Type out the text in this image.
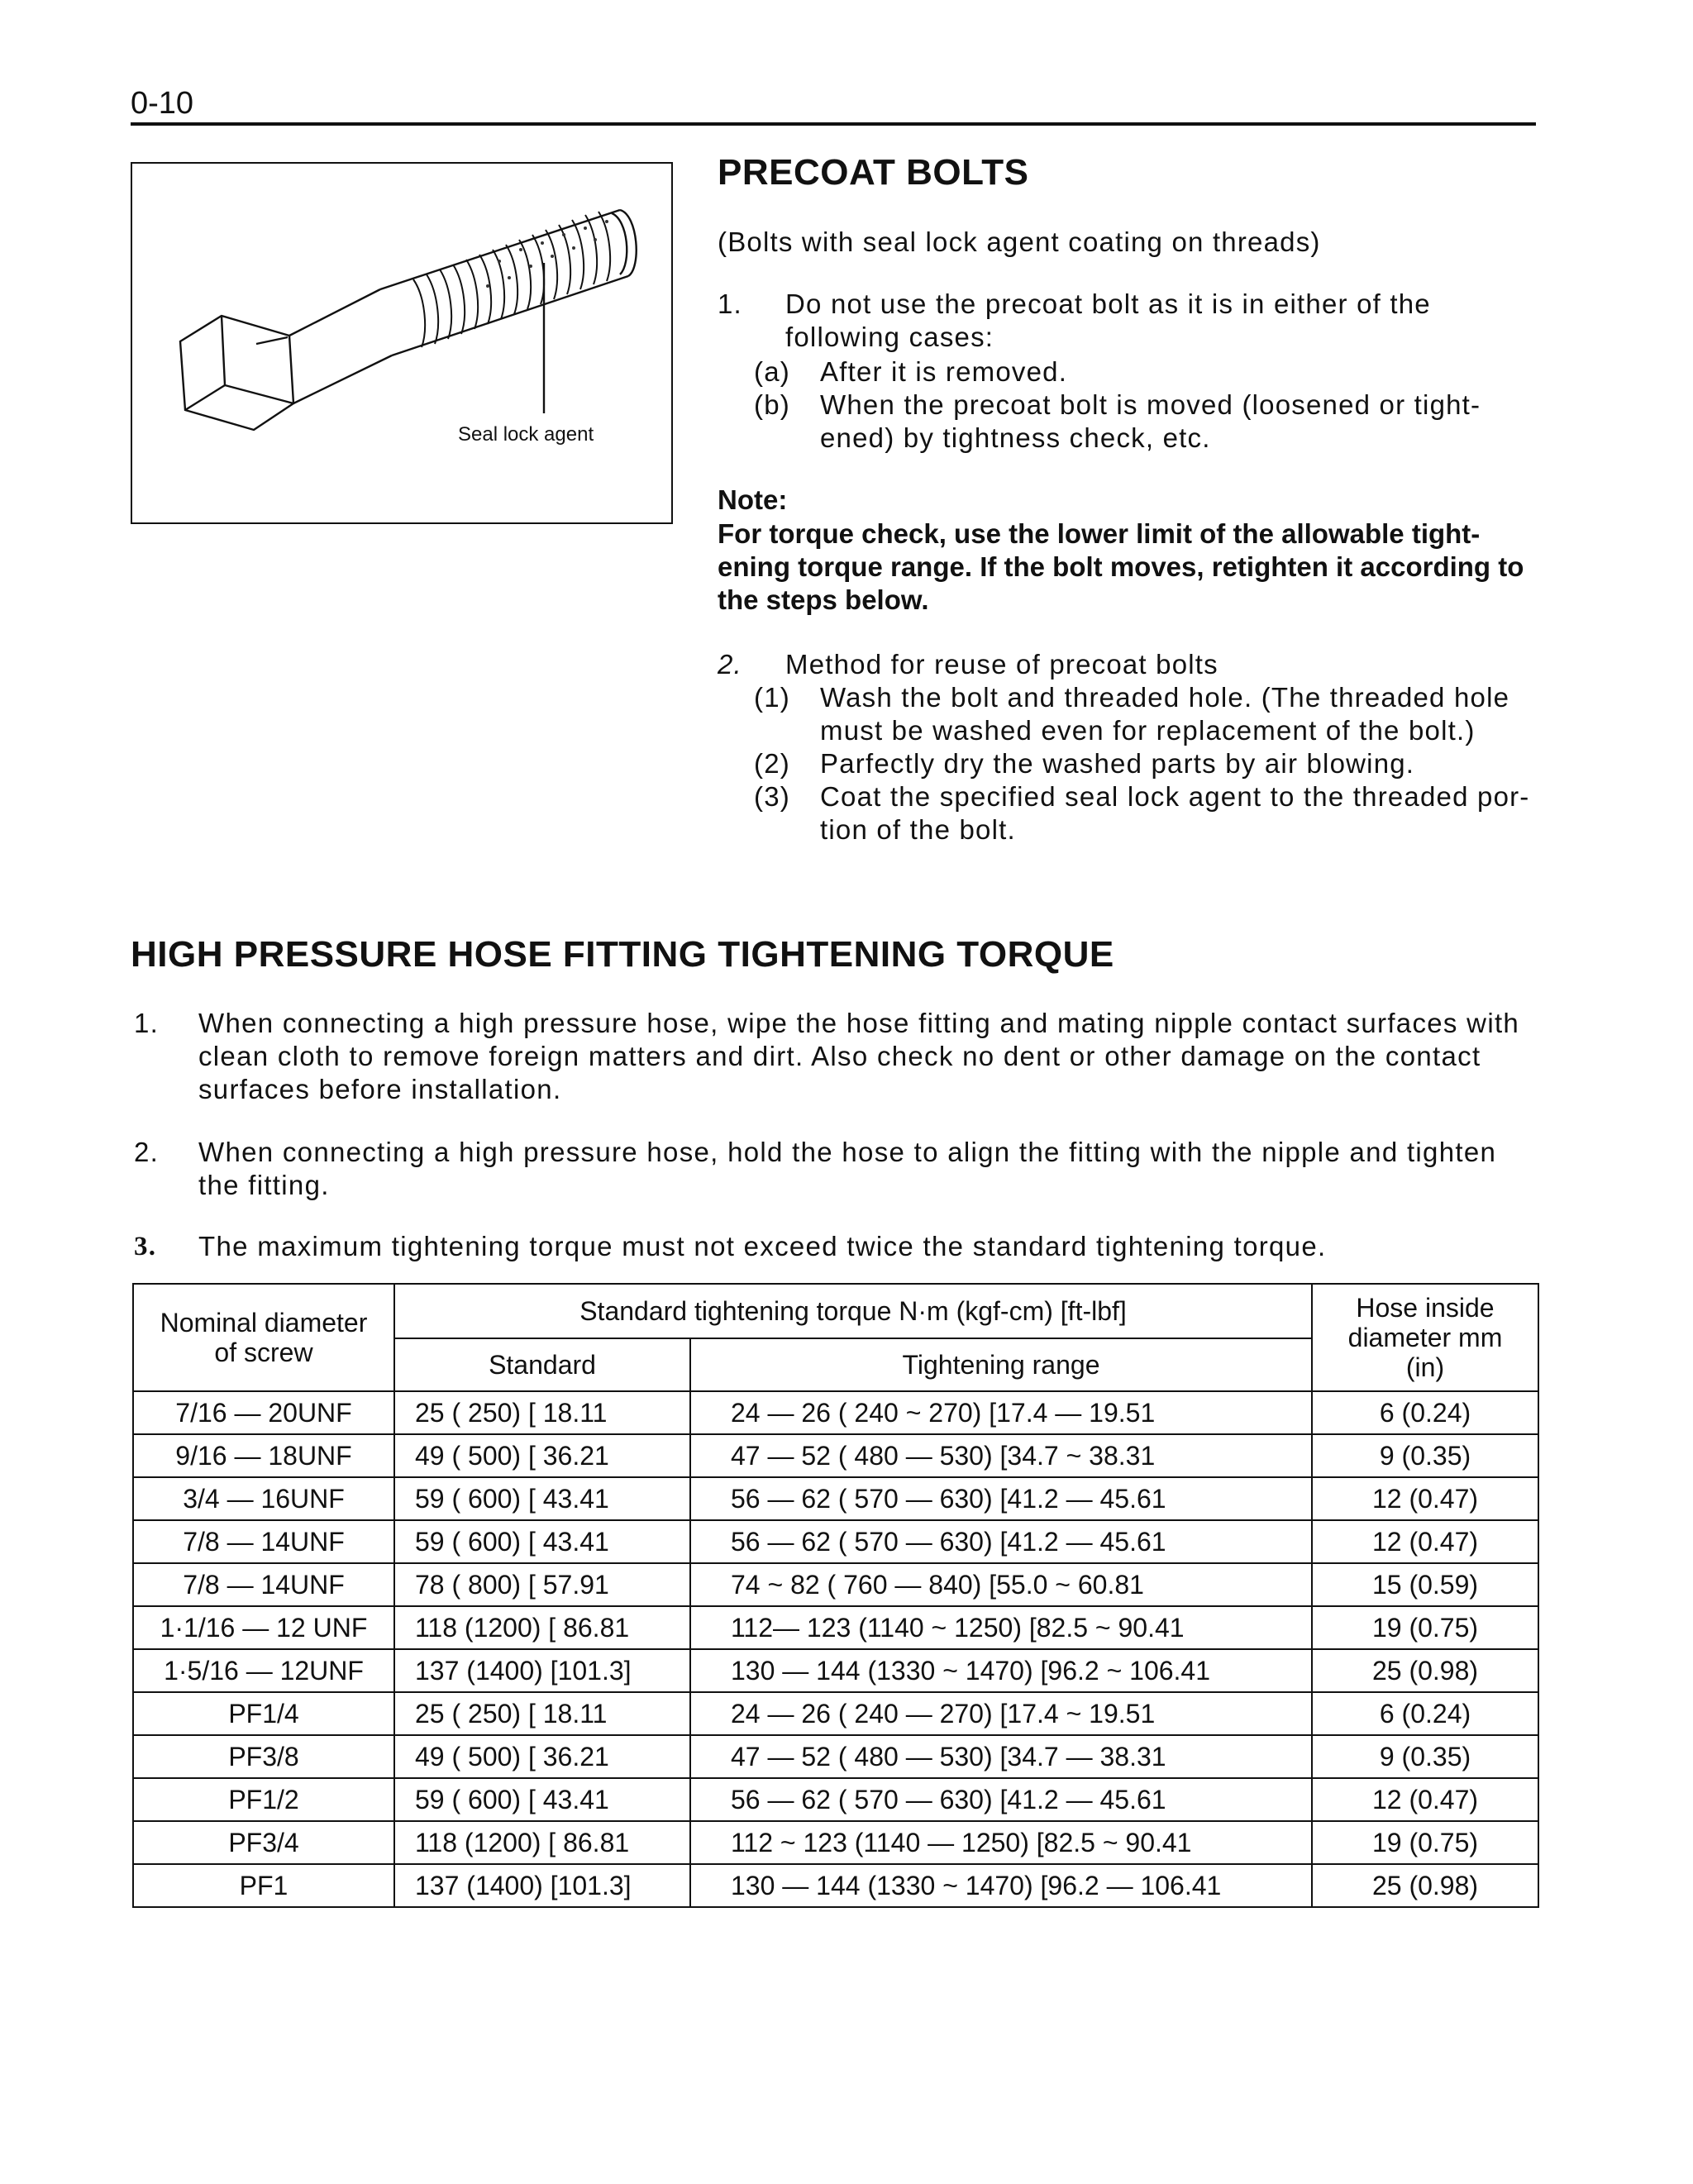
0-10
Seal lock agent
PRECOAT BOLTS
(Bolts with seal lock agent coating on threads)
1. Do not use the precoat bolt as it is in either of the following cases:
(a) After it is removed.
(b) When the precoat bolt is moved (loosened or tight-ened) by tightness check, etc.
Note:
For torque check, use the lower limit of the allowable tight-ening torque range. If the bolt moves, retighten it according to the steps below.
2. Method for reuse of precoat bolts
(1) Wash the bolt and threaded hole. (The threaded hole must be washed even for replacement of the bolt.)
(2) Parfectly dry the washed parts by air blowing.
(3) Coat the specified seal lock agent to the threaded por-tion of the bolt.
HIGH PRESSURE HOSE FITTING TIGHTENING TORQUE
1. When connecting a high pressure hose, wipe the hose fitting and mating nipple contact surfaces with clean cloth to remove foreign matters and dirt. Also check no dent or other damage on the contact surfaces before installation.
2. When connecting a high pressure hose, hold the hose to align the fitting with the nipple and tighten the fitting.
3. The maximum tightening torque must not exceed twice the standard tightening torque.
Nominal diameter of screw	Standard tightening torque N·m (kgf-cm) [ft-lbf]		Hose inside diameter mm (in)
	Standard	Tightening range	
7/16 — 20UNF	25 ( 250) [ 18.11	24 — 26 ( 240 ~ 270) [17.4 — 19.51	6 (0.24)
9/16 — 18UNF	49 ( 500) [ 36.21	47 — 52 ( 480 — 530) [34.7 ~ 38.31	9 (0.35)
3/4 — 16UNF	59 ( 600) [ 43.41	56 — 62 ( 570 — 630) [41.2 — 45.61	12 (0.47)
7/8 — 14UNF	59 ( 600) [ 43.41	56 — 62 ( 570 — 630) [41.2 — 45.61	12 (0.47)
7/8 — 14UNF	78 ( 800) [ 57.91	74 ~ 82 ( 760 — 840) [55.0 ~ 60.81	15 (0.59)
1·1/16 — 12 UNF	118 (1200) [ 86.81	112— 123 (1140 ~ 1250) [82.5 ~ 90.41	19 (0.75)
1·5/16 — 12UNF	137 (1400) [101.3]	130 — 144 (1330 ~ 1470) [96.2 ~ 106.41	25 (0.98)
PF1/4	25 ( 250) [ 18.11	24 — 26 ( 240 — 270) [17.4 ~ 19.51	6 (0.24)
PF3/8	49 ( 500) [ 36.21	47 — 52 ( 480 — 530) [34.7 — 38.31	9 (0.35)
PF1/2	59 ( 600) [ 43.41	56 — 62 ( 570 — 630) [41.2 — 45.61	12 (0.47)
PF3/4	118 (1200) [ 86.81	112 ~ 123 (1140 — 1250) [82.5 ~ 90.41	19 (0.75)
PF1	137 (1400) [101.3]	130 — 144 (1330 ~ 1470) [96.2 — 106.41	25 (0.98)
